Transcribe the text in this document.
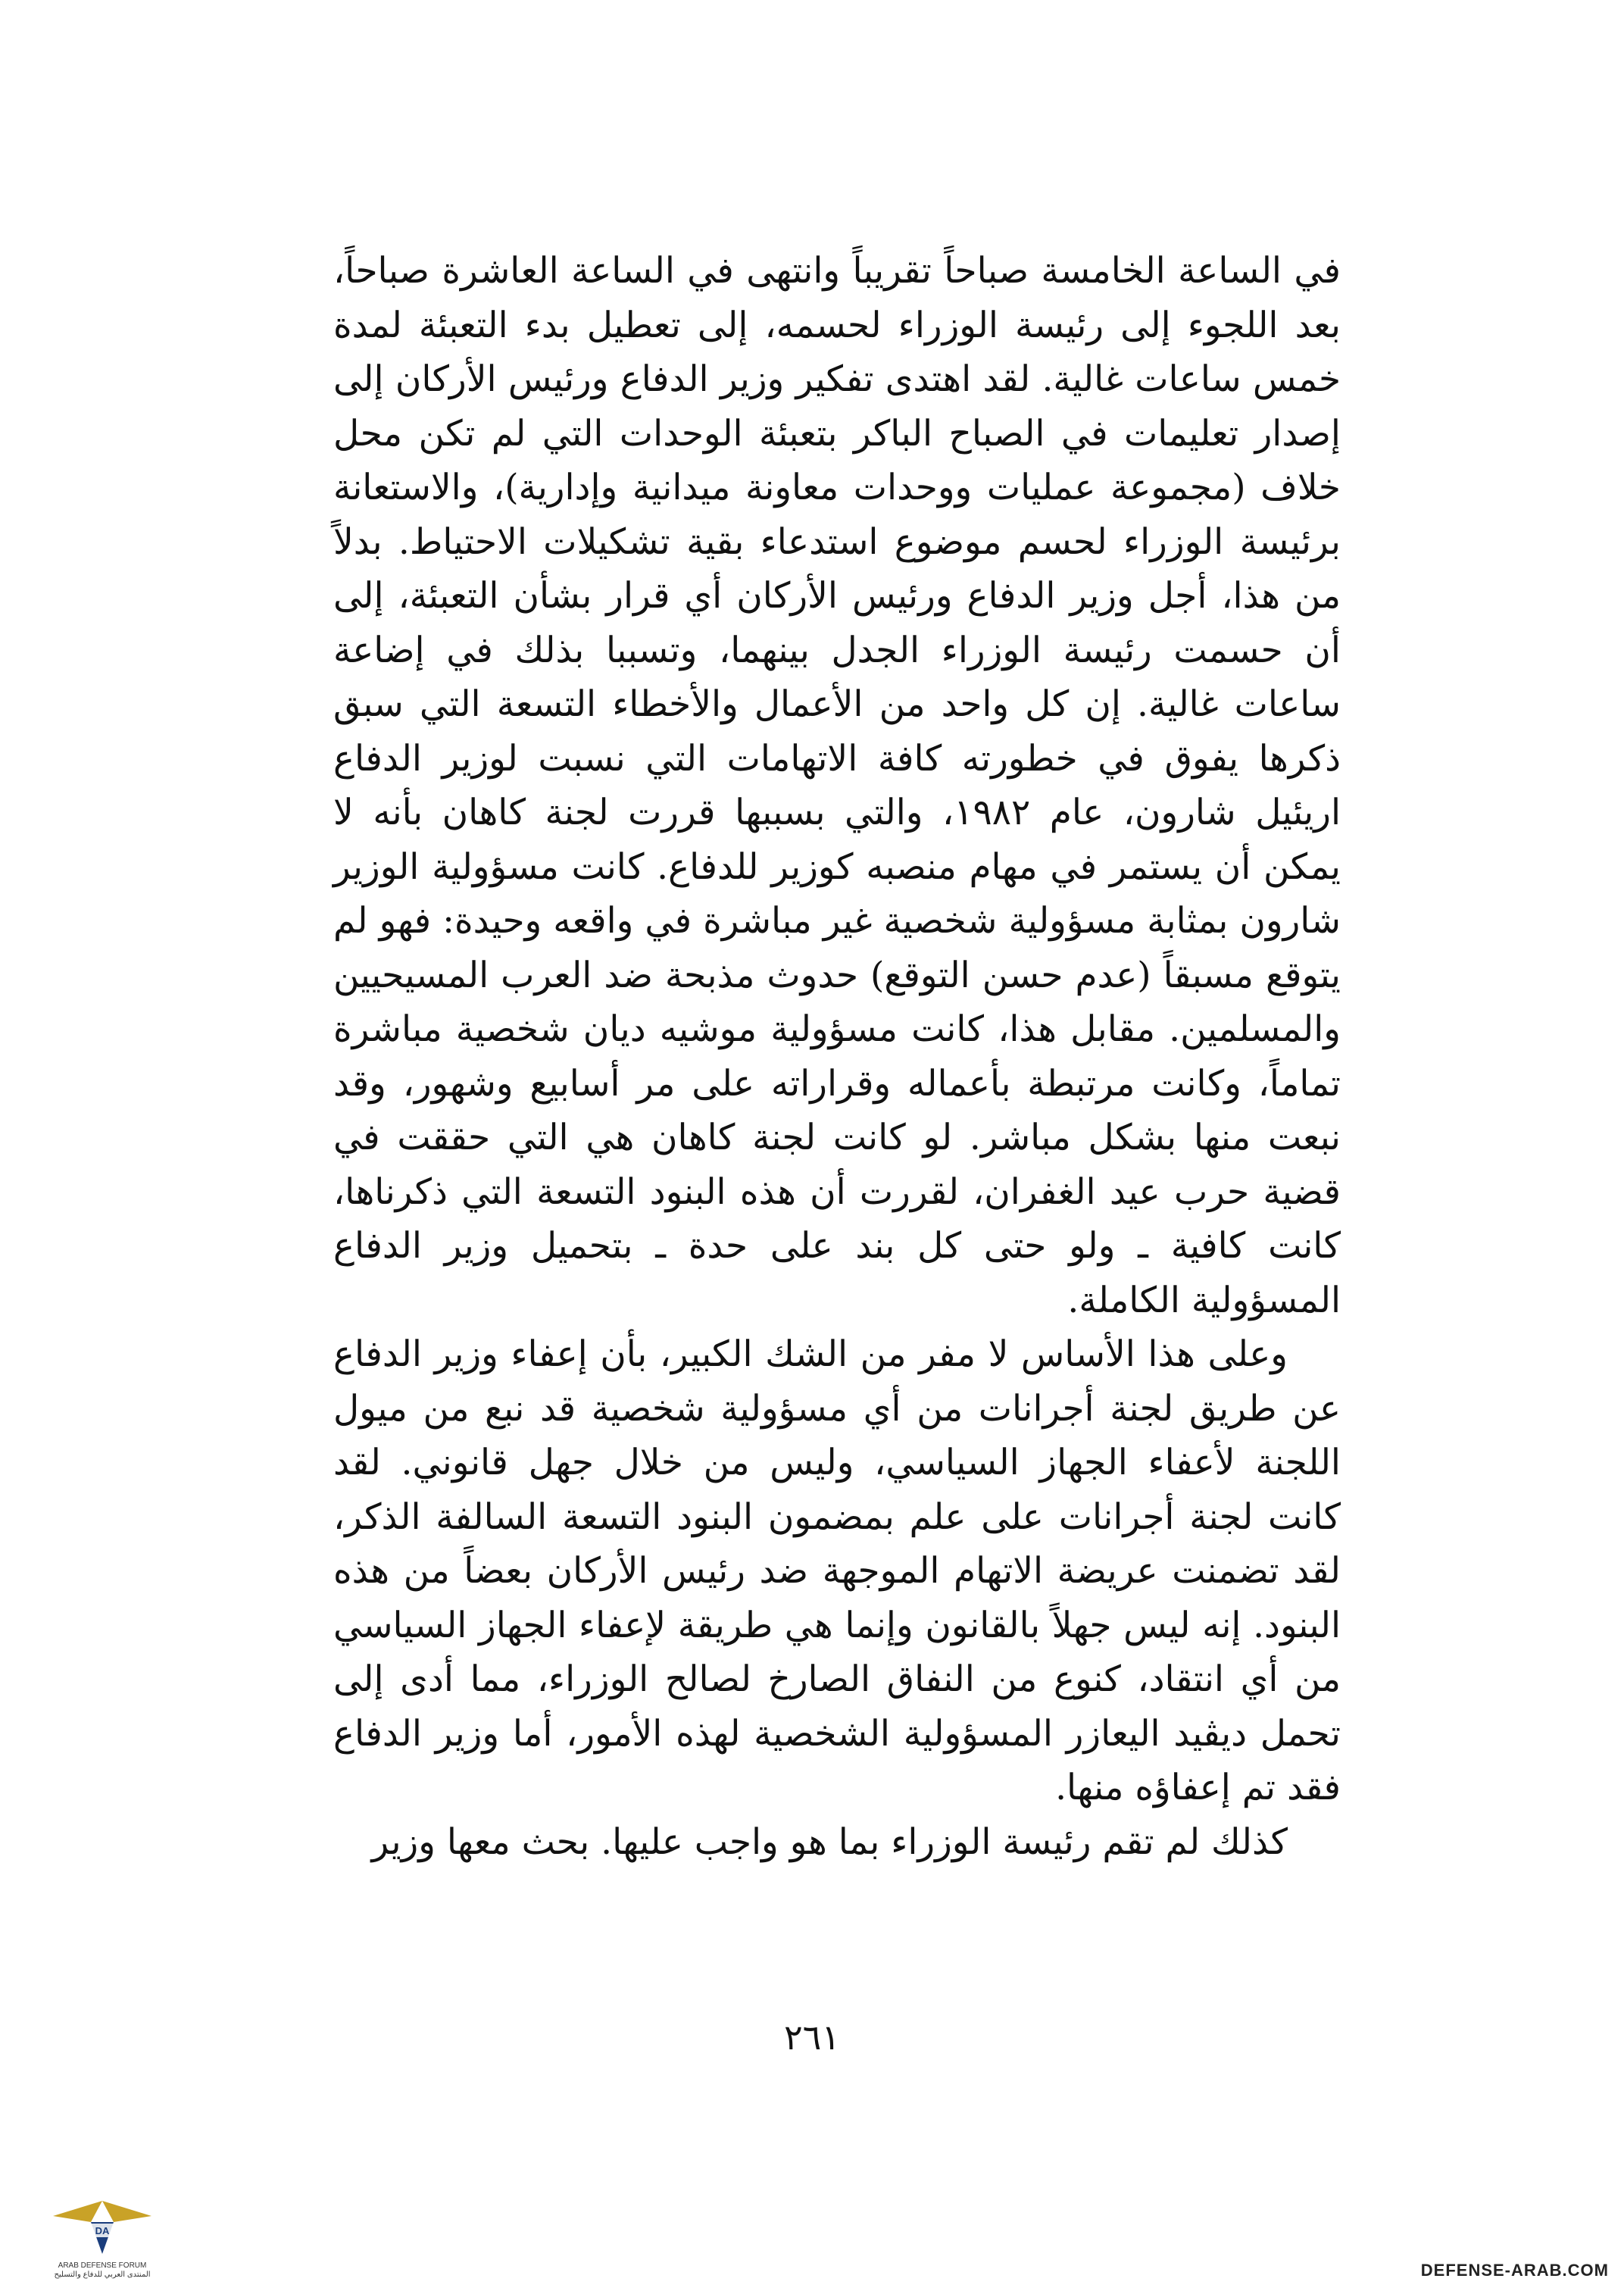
في الساعة الخامسة صباحاً تقريباً وانتهى في الساعة العاشرة صباحاً، بعد اللجوء إلى رئيسة الوزراء لحسمه، إلى تعطيل بدء التعبئة لمدة خمس ساعات غالية. لقد اهتدى تفكير وزير الدفاع ورئيس الأركان إلى إصدار تعليمات في الصباح الباكر بتعبئة الوحدات التي لم تكن محل خلاف (مجموعة عمليات ووحدات معاونة ميدانية وإدارية)، والاستعانة برئيسة الوزراء لحسم موضوع استدعاء بقية تشكيلات الاحتياط. بدلاً من هذا، أجل وزير الدفاع ورئيس الأركان أي قرار بشأن التعبئة، إلى أن حسمت رئيسة الوزراء الجدل بينهما، وتسببا بذلك في إضاعة ساعات غالية. إن كل واحد من الأعمال والأخطاء التسعة التي سبق ذكرها يفوق في خطورته كافة الاتهامات التي نسبت لوزير الدفاع اريئيل شارون، عام ١٩٨٢، والتي بسببها قررت لجنة كاهان بأنه لا يمكن أن يستمر في مهام منصبه كوزير للدفاع. كانت مسؤولية الوزير شارون بمثابة مسؤولية شخصية غير مباشرة في واقعه وحيدة: فهو لم يتوقع مسبقاً (عدم حسن التوقع) حدوث مذبحة ضد العرب المسيحيين والمسلمين. مقابل هذا، كانت مسؤولية موشيه ديان شخصية مباشرة تماماً، وكانت مرتبطة بأعماله وقراراته على مر أسابيع وشهور، وقد نبعت منها بشكل مباشر. لو كانت لجنة كاهان هي التي حققت في قضية حرب عيد الغفران، لقررت أن هذه البنود التسعة التي ذكرناها، كانت كافية ـ ولو حتى كل بند على حدة ـ بتحميل وزير الدفاع المسؤولية الكاملة.

وعلى هذا الأساس لا مفر من الشك الكبير، بأن إعفاء وزير الدفاع عن طريق لجنة أجرانات من أي مسؤولية شخصية قد نبع من ميول اللجنة لأعفاء الجهاز السياسي، وليس من خلال جهل قانوني. لقد كانت لجنة أجرانات على علم بمضمون البنود التسعة السالفة الذكر، لقد تضمنت عريضة الاتهام الموجهة ضد رئيس الأركان بعضاً من هذه البنود. إنه ليس جهلاً بالقانون وإنما هي طريقة لإعفاء الجهاز السياسي من أي انتقاد، كنوع من النفاق الصارخ لصالح الوزراء، مما أدى إلى تحمل ديڤيد اليعازر المسؤولية الشخصية لهذه الأمور، أما وزير الدفاع فقد تم إعفاؤه منها.

كذلك لم تقم رئيسة الوزراء بما هو واجب عليها. بحث معها وزير

٢٦١
DA
ARAB DEFENSE FORUM
المنتدى العربي للدفاع والتسليح	DEFENSE-ARAB.COM
